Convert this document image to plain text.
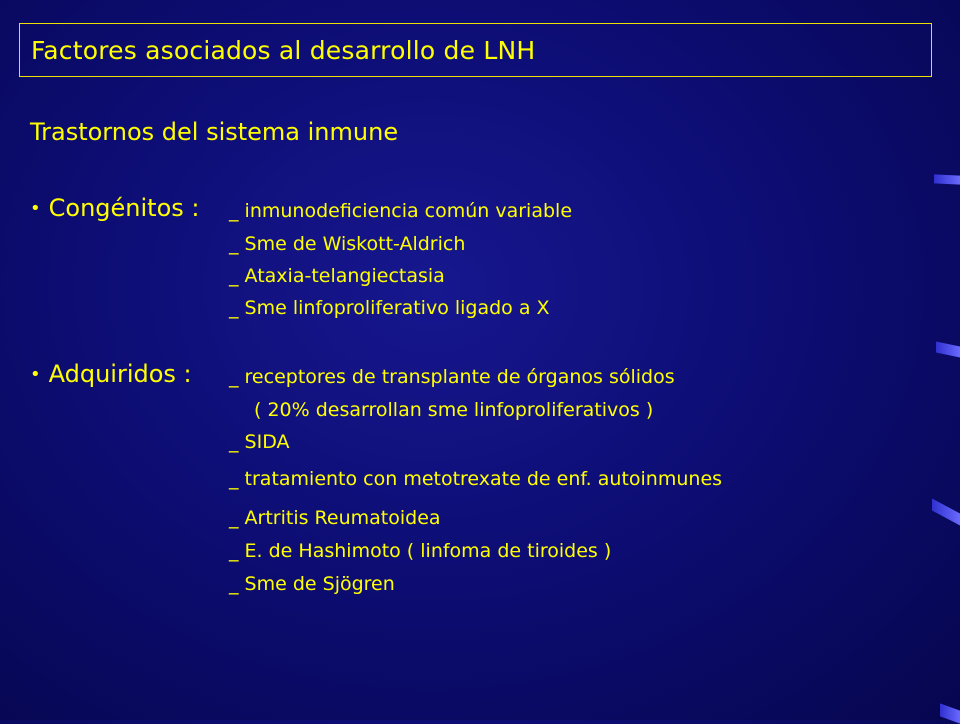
Factores asociados al desarrollo de LNH
Trastornos del sistema inmune
• Congénitos : _ inmunodeficiencia común variable
_ Sme de Wiskott-Aldrich
_ Ataxia-telangiectasia
_ Sme linfoproliferativo ligado a X
• Adquiridos : _ receptores de transplante de órganos sólidos
( 20% desarrollan sme linfoproliferativos )
_ SIDA
_ tratamiento con metotrexate de enf. autoinmunes
_ Artritis Reumatoidea
_ E. de Hashimoto ( linfoma de tiroides )
_ Sme de Sjögren
